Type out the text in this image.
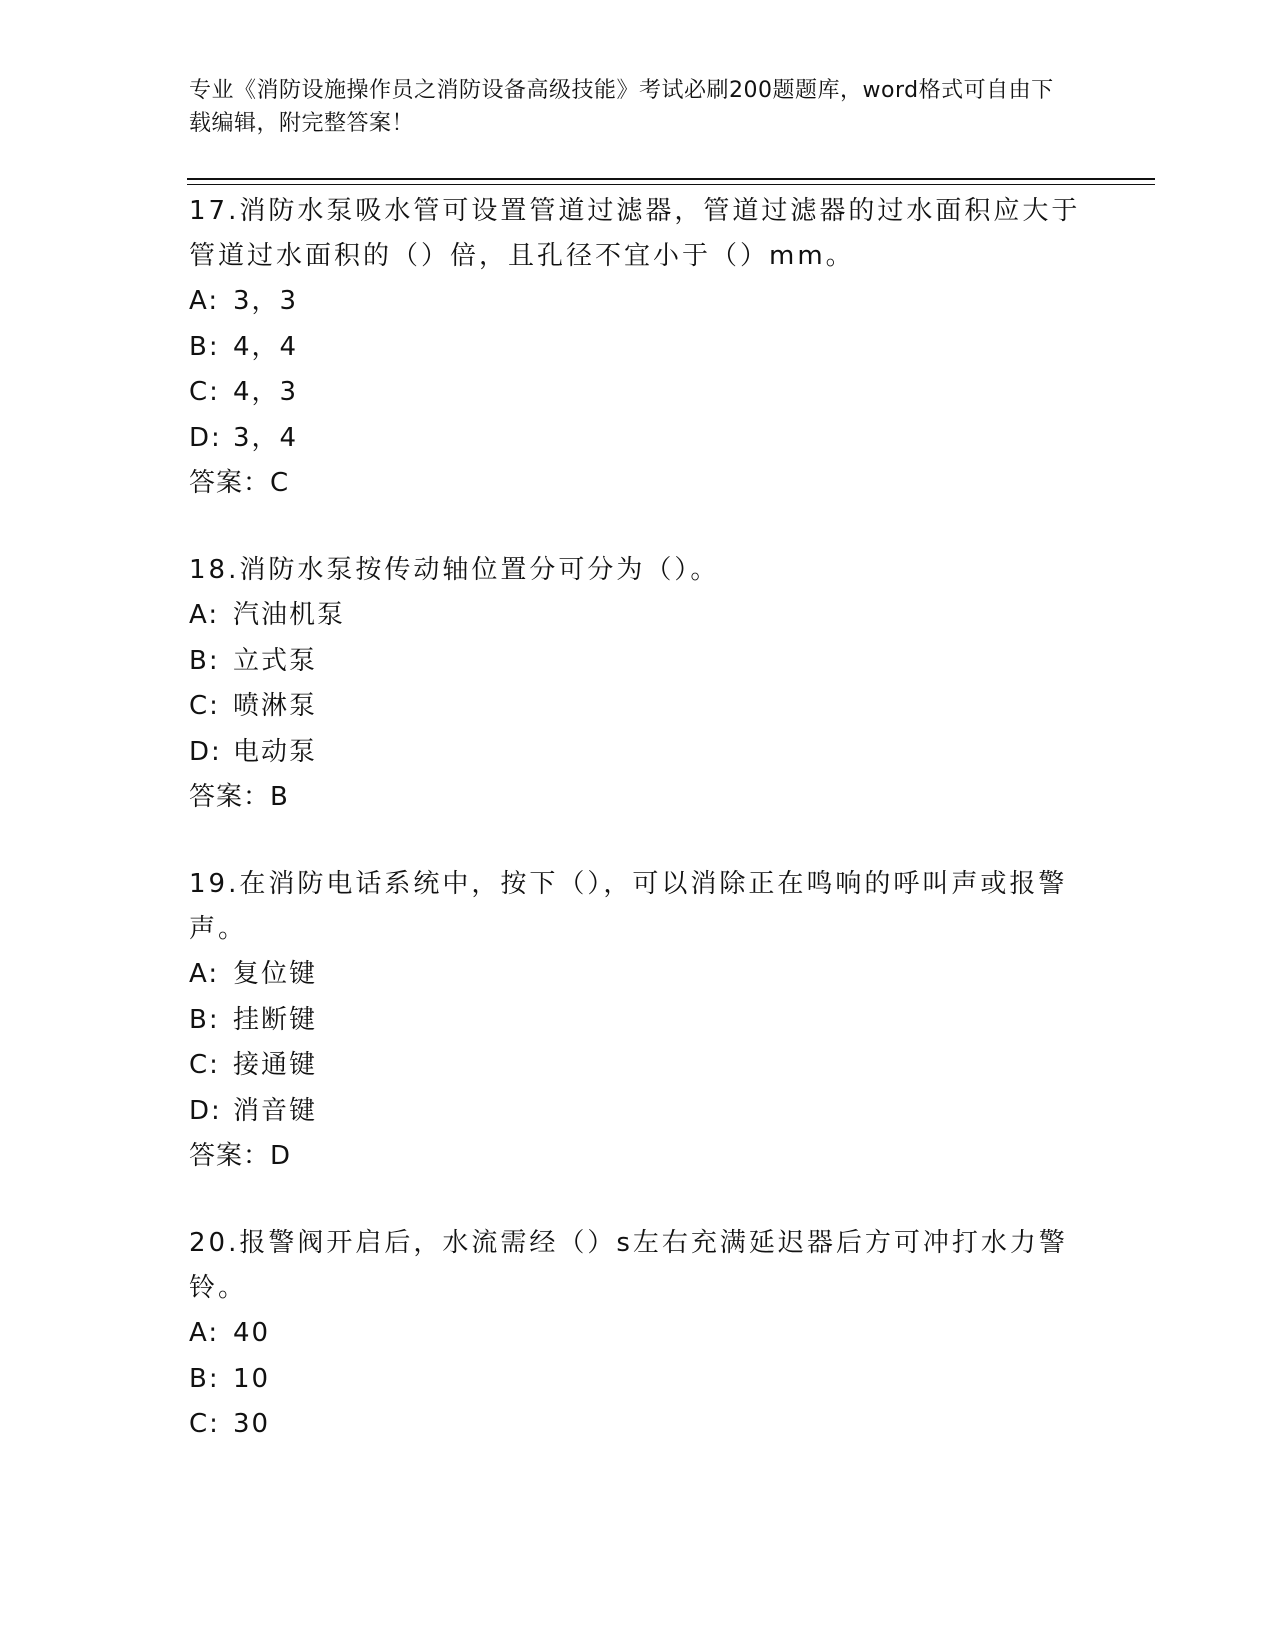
专业《消防设施操作员之消防设备高级技能》考试必刷200题题库，word格式可自由下载编辑，附完整答案！
17.消防水泵吸水管可设置管道过滤器，管道过滤器的过水面积应大于管道过水面积的（）倍，且孔径不宜小于（）mm。
A: 3，3
B: 4，4
C: 4，3
D: 3，4
答案：C
18.消防水泵按传动轴位置分可分为（）。
A: 汽油机泵
B: 立式泵
C: 喷淋泵
D: 电动泵
答案：B
19.在消防电话系统中，按下（），可以消除正在鸣响的呼叫声或报警声。
A: 复位键
B: 挂断键
C: 接通键
D: 消音键
答案：D
20.报警阀开启后，水流需经（）s左右充满延迟器后方可冲打水力警铃。
A: 40
B: 10
C: 30
